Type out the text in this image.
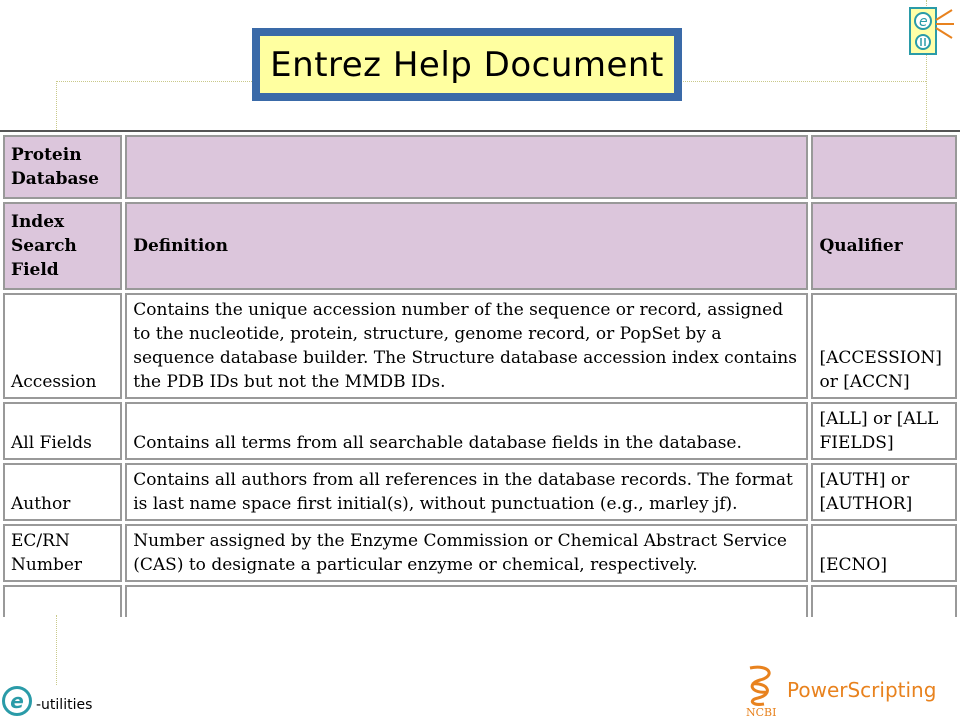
e
Entrez Help Document
Protein Database		
Index Search Field	Definition	Qualifier
Accession	Contains the unique accession number of the sequence or record, assigned to the nucleotide, protein, structure, genome record, or PopSet by a sequence database builder. The Structure database accession index contains the PDB IDs but not the MMDB IDs.	[ACCESSION] or [ACCN]
All Fields	Contains all terms from all searchable database fields in the database.	[ALL] or [ALL FIELDS]
Author	Contains all authors from all references in the database records. The format is last name space first initial(s), without punctuation (e.g., marley jf).	[AUTH] or [AUTHOR]
EC/RN Number	Number assigned by the Enzyme Commission or Chemical Abstract Service (CAS) to designate a particular enzyme or chemical, respectively.	[ECNO]

e -utilities	NCBI
PowerScripting
